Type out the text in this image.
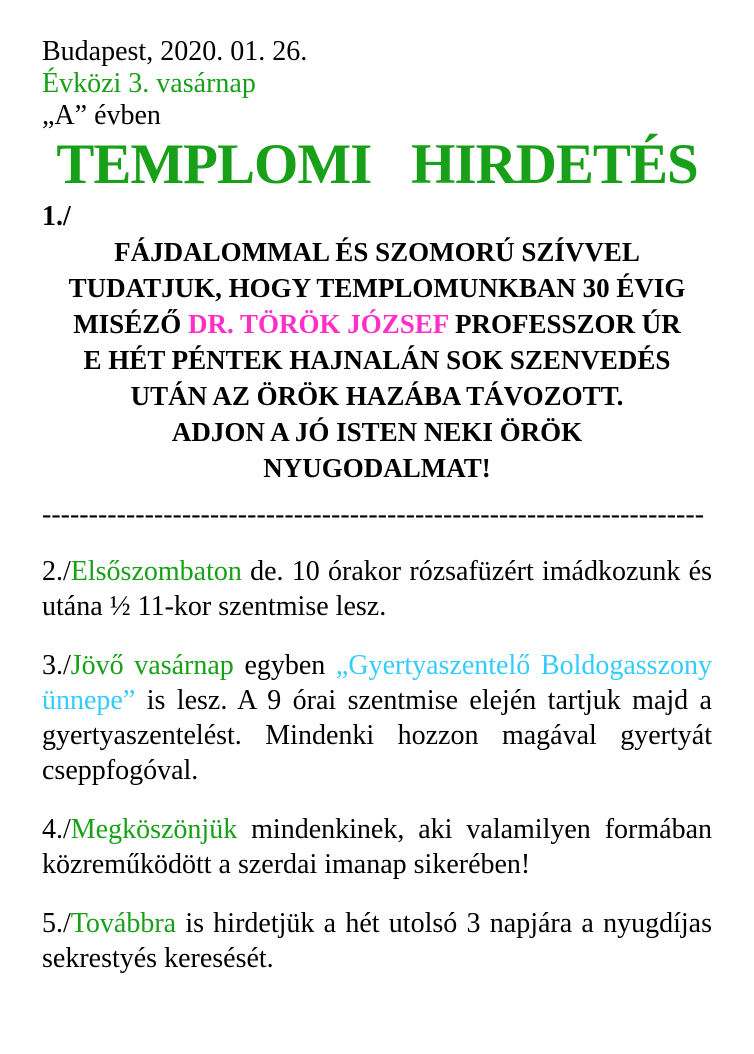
Budapest, 2020. 01. 26.
Évközi 3. vasárnap
„A” évben
TEMPLOMI   HIRDETÉS
1./
FÁJDALOMMAL ÉS SZOMORÚ SZÍVVEL
TUDATJUK, HOGY TEMPLOMUNKBAN 30 ÉVIG
MISÉZŐ DR. TÖRÖK JÓZSEF PROFESSZOR ÚR
E HÉT PÉNTEK HAJNALÁN SOK SZENVEDÉS
UTÁN AZ ÖRÖK HAZÁBA TÁVOZOTT.
ADJON A JÓ ISTEN NEKI ÖRÖK
NYUGODALMAT!
-----------------------------------------------------------------------
2./Elsőszombaton de. 10 órakor rózsafüzért imádkozunk és
utána ½ 11-kor szentmise lesz.
3./Jövő vasárnap egyben „Gyertyaszentelő Boldogasszony
ünnepe” is lesz. A 9 órai szentmise elején tartjuk majd a
gyertyaszentelést. Mindenki hozzon magával gyertyát
cseppfogóval.
4./Megköszönjük mindenkinek, aki valamilyen formában
közreműködött a szerdai imanap sikerében!
5./Továbbra is hirdetjük a hét utolsó 3 napjára a nyugdíjas
sekrestyés keresését.
